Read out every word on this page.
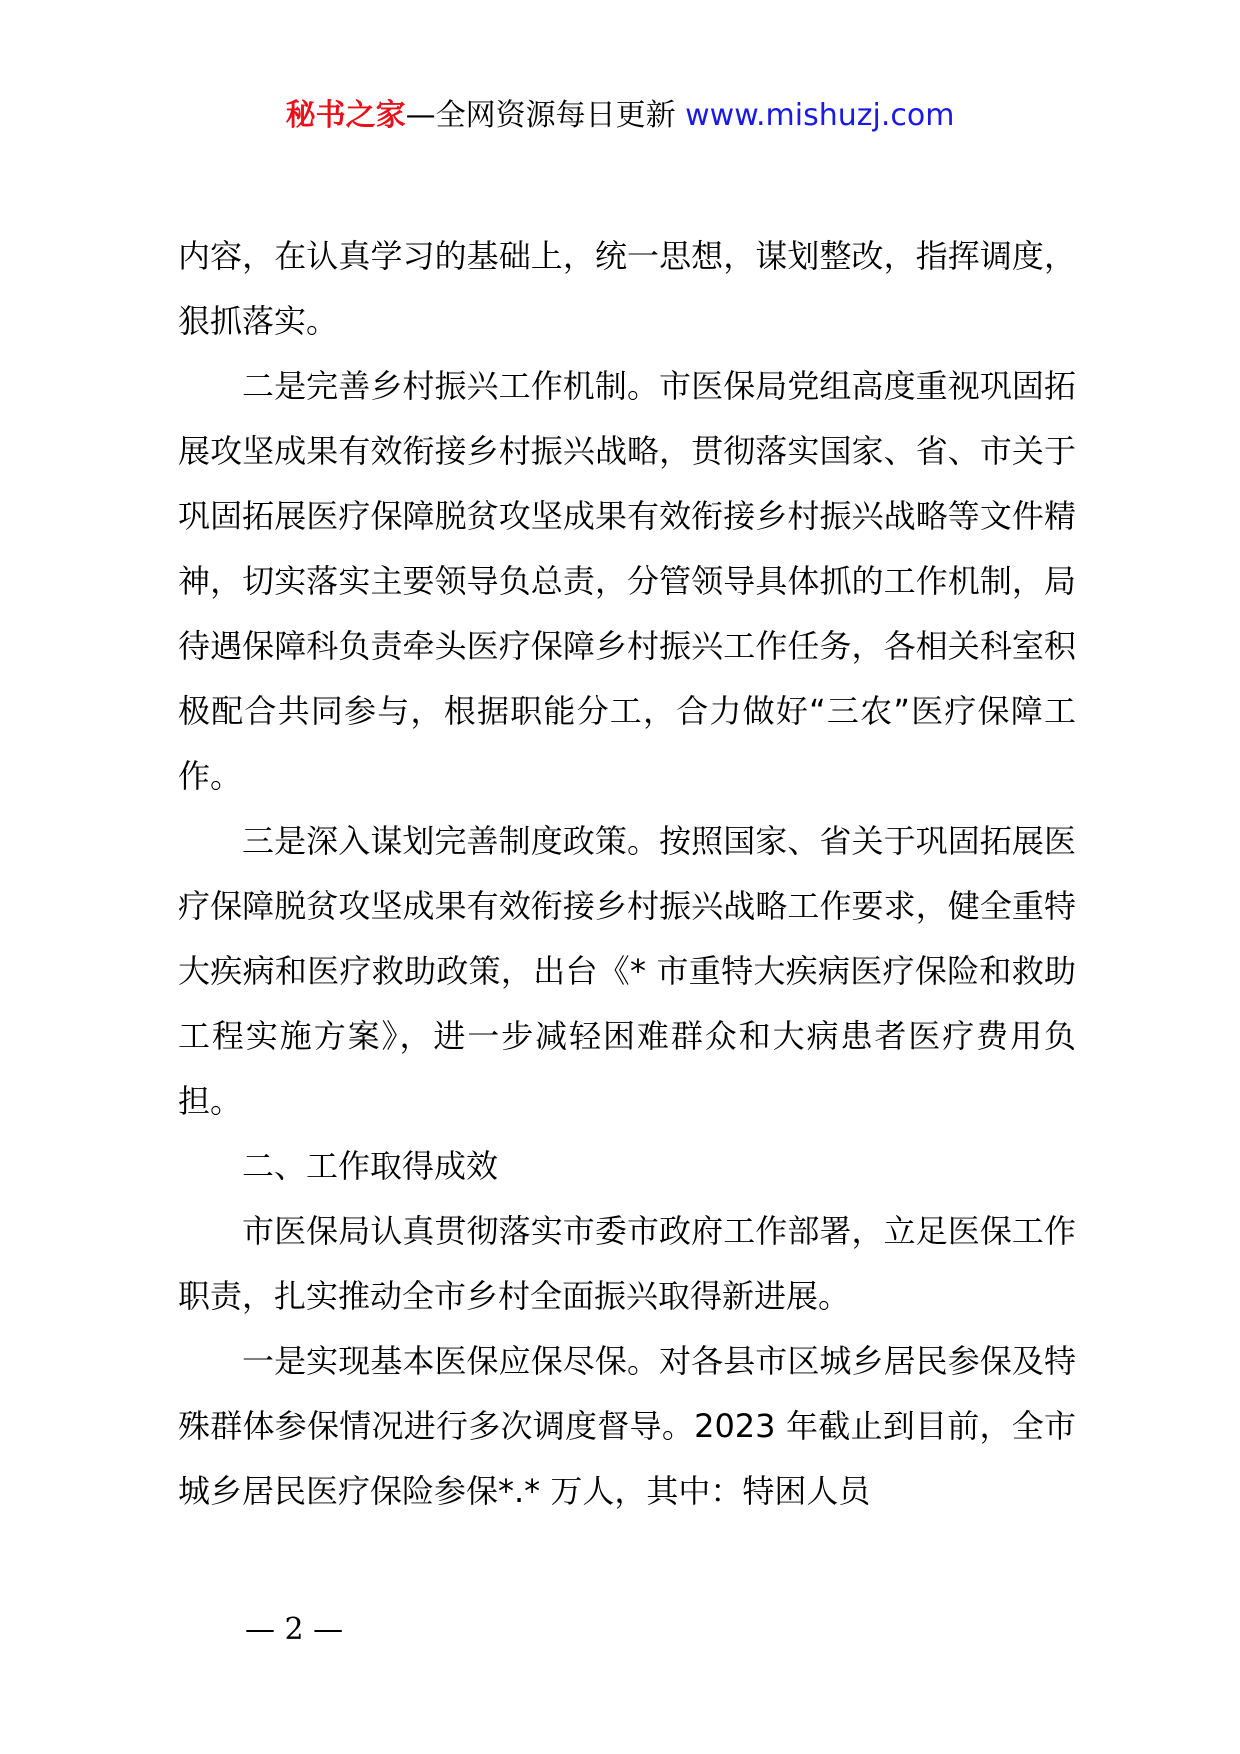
秘书之家—全网资源每日更新 www.mishuzj.com

内容，在认真学习的基础上，统一思想，谋划整改，指挥调度，狠抓落实。

二是完善乡村振兴工作机制。市医保局党组高度重视巩固拓展攻坚成果有效衔接乡村振兴战略，贯彻落实国家、省、市关于巩固拓展医疗保障脱贫攻坚成果有效衔接乡村振兴战略等文件精神，切实落实主要领导负总责，分管领导具体抓的工作机制，局待遇保障科负责牵头医疗保障乡村振兴工作任务，各相关科室积极配合共同参与，根据职能分工，合力做好“三农”医疗保障工作。

三是深入谋划完善制度政策。按照国家、省关于巩固拓展医疗保障脱贫攻坚成果有效衔接乡村振兴战略工作要求，健全重特大疾病和医疗救助政策，出台《* 市重特大疾病医疗保险和救助工程实施方案》，进一步减轻困难群众和大病患者医疗费用负担。

二、工作取得成效

市医保局认真贯彻落实市委市政府工作部署，立足医保工作职责，扎实推动全市乡村全面振兴取得新进展。

一是实现基本医保应保尽保。对各县市区城乡居民参保及特殊群体参保情况进行多次调度督导。2023 年截止到目前，全市城乡居民医疗保险参保*.* 万人，其中：特困人员

— 2 —
